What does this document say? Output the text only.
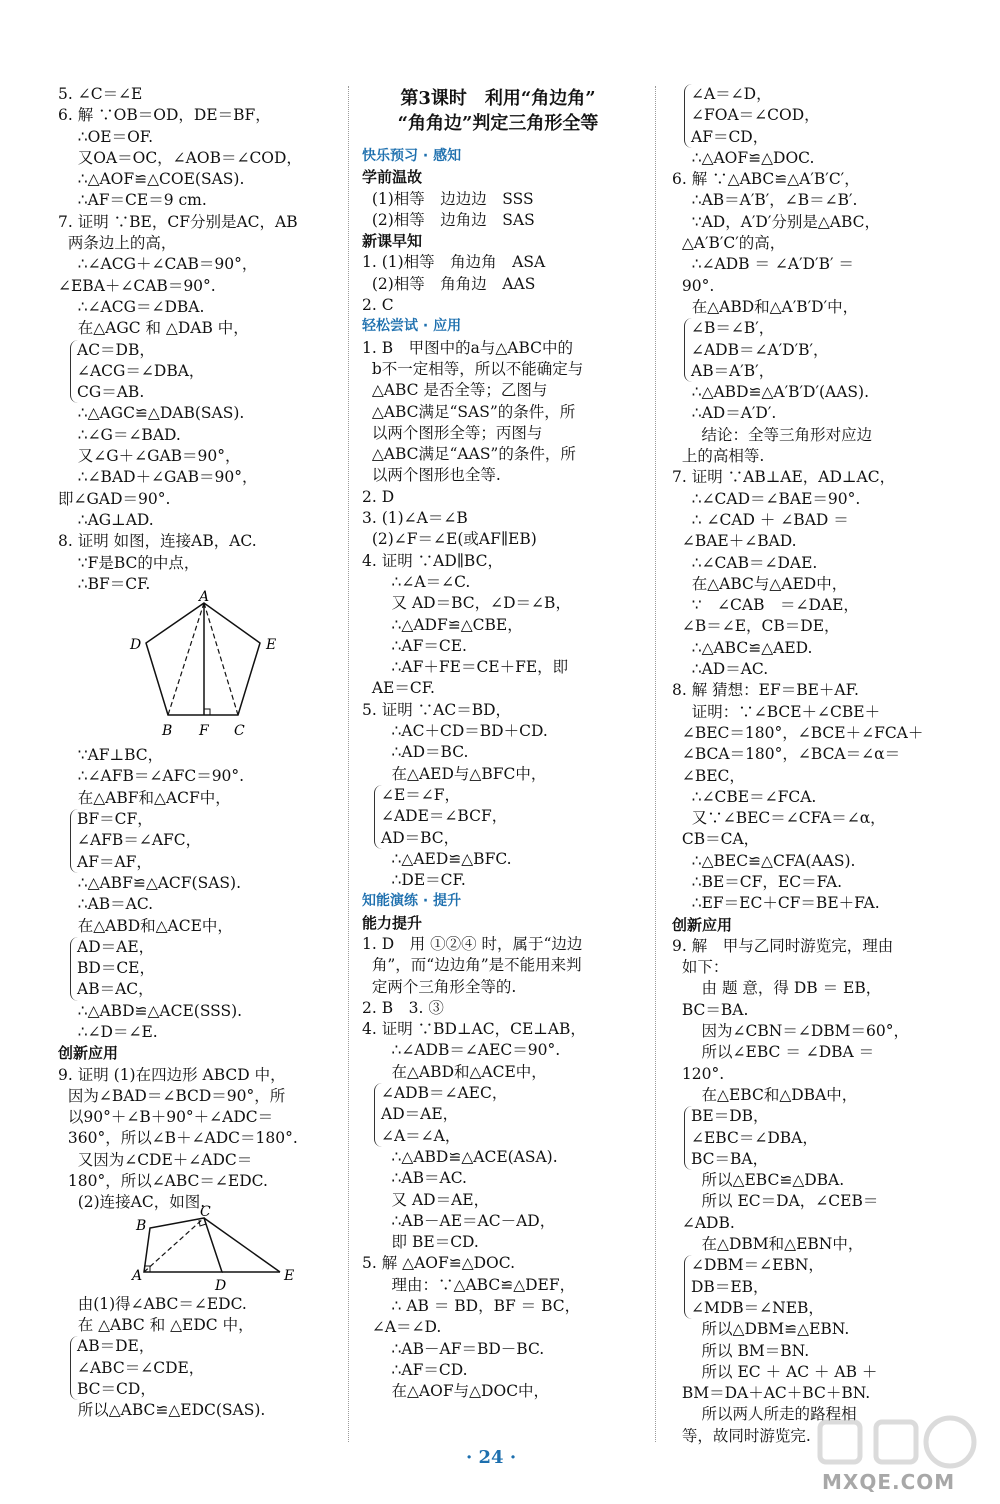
5. ∠C＝∠E
6. 解 ∵OB＝OD，DE＝BF，
∴OE＝OF.
又OA＝OC，∠AOB＝∠COD，
∴△AOF≌△COE(SAS).
∴AF＝CE＝9 cm.
7. 证明 ∵BE，CF分别是AC，AB
两条边上的高，
∴∠ACG＋∠CAB＝90°，
∠EBA＋∠CAB＝90°.
∴∠ACG＝∠DBA.
在△AGC 和 △DAB 中，
AC＝DB，
∠ACG＝∠DBA，
CG＝AB.
∴△AGC≌△DAB(SAS).
∴∠G＝∠BAD.
又∠G＋∠GAB＝90°，
∴∠BAD＋∠GAB＝90°，
即∠GAD＝90°.
∴AG⊥AD.
8. 证明 如图，连接AB，AC.
∵F是BC的中点，
∴BF＝CF.
A
D	E
B F C
∵AF⊥BC，
∴∠AFB＝∠AFC＝90°.
在△ABF和△ACF中，
BF＝CF，
∠AFB＝∠AFC，
AF＝AF，
∴△ABF≌△ACF(SAS).
∴AB＝AC.
在△ABD和△ACE中，
AD＝AE，
BD＝CE，
AB＝AC，
∴△ABD≌△ACE(SSS).
∴∠D＝∠E.
创新应用
9. 证明 (1)在四边形 ABCD 中，
因为∠BAD＝∠BCD＝90°，所
以90°＋∠B＋90°＋∠ADC＝
360°，所以∠B＋∠ADC＝180°.
又因为∠CDE＋∠ADC＝
180°，所以∠ABC＝∠EDC.
(2)连接AC，如图.
C
B
A
D
E
由(1)得∠ABC＝∠EDC.
在 △ABC 和 △EDC 中，
AB＝DE，
∠ABC＝∠CDE，
BC＝CD，
所以△ABC≌△EDC(SAS).
第3课时　利用“角边角”
“角角边”判定三角形全等
快乐预习 · 感知
学前温故
(1)相等　边边边　SSS
(2)相等　边角边　SAS
新课早知
1. (1)相等　角边角　ASA
(2)相等　角角边　AAS
2. C
轻松尝试 · 应用
1. B　甲图中的a与△ABC中的
b不一定相等，所以不能确定与
△ABC 是否全等；乙图与
△ABC满足“SAS”的条件，所
以两个图形全等；丙图与
△ABC满足“AAS”的条件，所
以两个图形也全等.
2. D
3. (1)∠A＝∠B
(2)∠F＝∠E(或AF∥EB)
4. 证明 ∵AD∥BC，
∴∠A＝∠C.
又 AD＝BC，∠D＝∠B，
∴△ADF≌△CBE，
∴AF＝CE.
∴AF＋FE＝CE＋FE，即
AE＝CF.
5. 证明 ∵AC＝BD，
∴AC＋CD＝BD＋CD.
∴AD＝BC.
在△AED与△BFC中，
∠E＝∠F，
∠ADE＝∠BCF，
AD＝BC，
∴△AED≌△BFC.
∴DE＝CF.
知能演练 · 提升
能力提升
1. D　用 ①②④ 时，属于“边边
角”，而“边边角”是不能用来判
定两个三角形全等的.
2. B　3. ③
4. 证明 ∵BD⊥AC，CE⊥AB，
∴∠ADB＝∠AEC＝90°.
在△ABD和△ACE中，
∠ADB＝∠AEC，
AD＝AE，
∠A＝∠A，
∴△ABD≌△ACE(ASA).
∴AB＝AC.
又 AD＝AE，
∴AB－AE＝AC－AD，
即 BE＝CD.
5. 解 △AOF≌△DOC.
理由：∵△ABC≌△DEF，
∴ AB ＝ BD，BF ＝ BC，
∠A＝∠D.
∴AB－AF＝BD－BC.
∴AF＝CD.
在△AOF与△DOC中，
∠A＝∠D，
∠FOA＝∠COD，
AF＝CD，
∴△AOF≌△DOC.
6. 解 ∵△ABC≌△A′B′C′，
∴AB＝A′B′，∠B＝∠B′.
∵AD，A′D′分别是△ABC，
△A′B′C′的高，
∴∠ADB ＝ ∠A′D′B′ ＝
90°.
在△ABD和△A′B′D′中，
∠B＝∠B′，
∠ADB＝∠A′D′B′，
AB＝A′B′，
∴△ABD≌△A′B′D′(AAS).
∴AD＝A′D′.
结论：全等三角形对应边
上的高相等.
7. 证明 ∵AB⊥AE，AD⊥AC，
∴∠CAD＝∠BAE＝90°.
∴ ∠CAD ＋ ∠BAD ＝
∠BAE＋∠BAD.
∴∠CAB＝∠DAE.
在△ABC与△AED中，
∵　∠CAB　＝∠DAE，
∠B＝∠E，CB＝DE，
∴△ABC≌△AED.
∴AD＝AC.
8. 解 猜想：EF＝BE＋AF.
证明：∵∠BCE＋∠CBE＋
∠BEC＝180°，∠BCE＋∠FCA＋
∠BCA＝180°，∠BCA＝∠α＝
∠BEC，
∴∠CBE＝∠FCA.
又∵∠BEC＝∠CFA＝∠α，
CB＝CA，
∴△BEC≌△CFA(AAS).
∴BE＝CF，EC＝FA.
∴EF＝EC＋CF＝BE＋FA.
创新应用
9. 解　甲与乙同时游览完，理由
如下：
由 题 意，得 DB ＝ EB，
BC＝BA.
因为∠CBN＝∠DBM＝60°，
所以∠EBC ＝ ∠DBA ＝
120°.
在△EBC和△DBA中，
BE＝DB，
∠EBC＝∠DBA，
BC＝BA，
所以△EBC≌△DBA.
所以 EC＝DA，∠CEB＝
∠ADB.
在△DBM和△EBN中，
∠DBM＝∠EBN，
DB＝EB，
∠MDB＝∠NEB，
所以△DBM≌△EBN.
所以 BM＝BN.
所以 EC ＋ AC ＋ AB ＋
BM＝DA＋AC＋BC＋BN.
所以两人所走的路程相
等，故同时游览完.
· 24 ·
MXQE.COM
